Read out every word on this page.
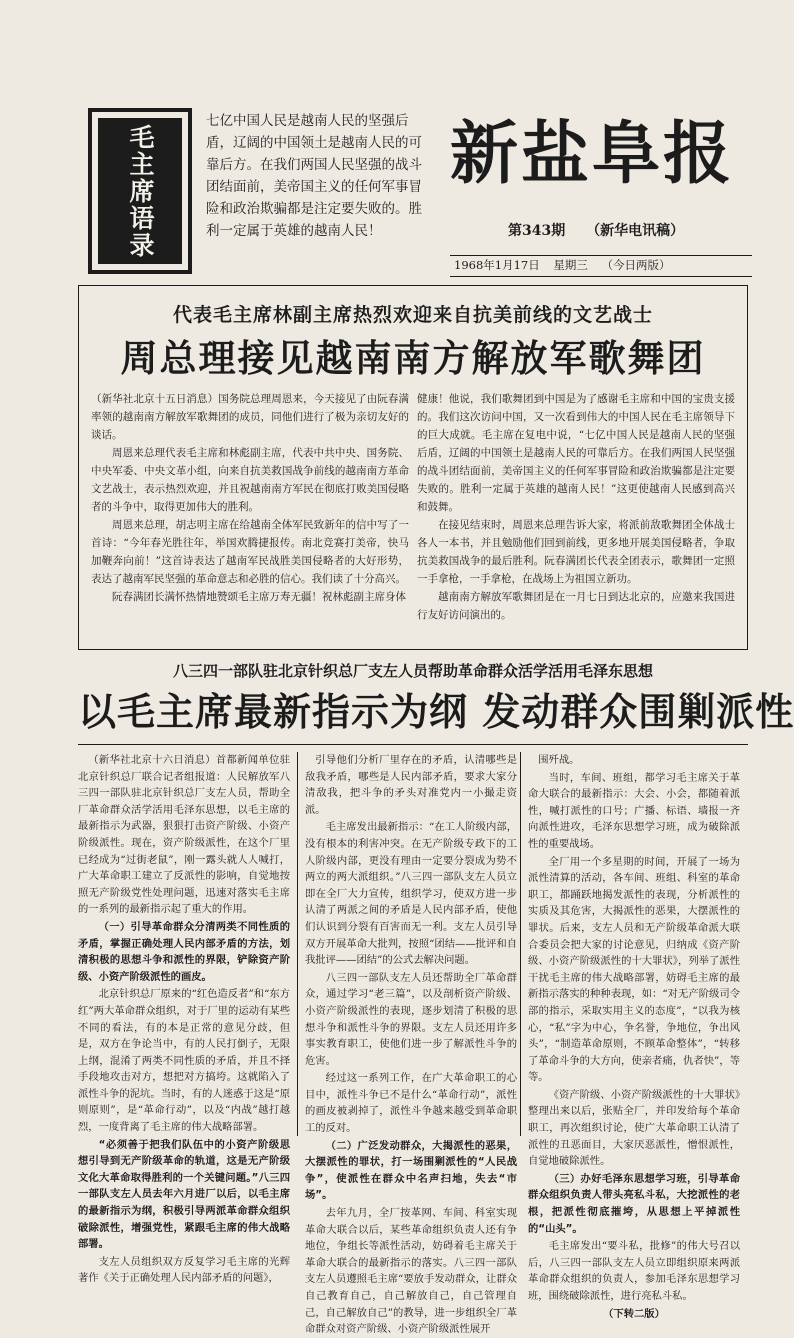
毛主席语录
七亿中国人民是越南人民的坚强后盾，辽阔的中国领土是越南人民的可靠后方。在我们两国人民坚强的战斗团结面前，美帝国主义的任何军事冒险和政治欺骗都是注定要失败的。胜利一定属于英雄的越南人民！
新盐阜报
第343期 （新华电讯稿）
1968年1月17日 星期三 （今日两版）
代表毛主席林副主席热烈欢迎来自抗美前线的文艺战士
周总理接见越南南方解放军歌舞团

（新华社北京十五日消息）国务院总理周恩来，今天接见了由阮春满率领的越南南方解放军歌舞团的成员，同他们进行了极为亲切友好的谈话。

周恩来总理代表毛主席和林彪副主席，代表中共中央、国务院、中央军委、中央文革小组，向来自抗美救国战争前线的越南南方革命文艺战士，表示热烈欢迎，并且祝越南南方军民在彻底打败美国侵略者的斗争中，取得更加伟大的胜利。

周恩来总理，胡志明主席在给越南全体军民致新年的信中写了一首诗：“今年春光胜往年，举国欢腾捷报传。南北竞赛打美帝，快马加鞭奔向前！”这首诗表达了越南军民战胜美国侵略者的大好形势，表达了越南军民坚强的革命意志和必胜的信心。我们读了十分高兴。

阮春满团长满怀热情地赞颂毛主席万寿无疆！祝林彪副主席身体

健康！他说，我们歌舞团到中国是为了感谢毛主席和中国的宝贵支援的。我们这次访问中国，又一次看到伟大的中国人民在毛主席领导下的巨大成就。毛主席在复电中说，“七亿中国人民是越南人民的坚强后盾，辽阔的中国领土是越南人民的可靠后方。在我们两国人民坚强的战斗团结面前，美帝国主义的任何军事冒险和政治欺骗都是注定要失败的。胜利一定属于英雄的越南人民！”这更使越南人民感到高兴和鼓舞。

在接见结束时，周恩来总理告诉大家，将派前敌歌舞团全体战士各人一本书，并且勉励他们回到前线，更多地开展美国侵略者，争取抗美救国战争的最后胜利。阮春满团长代表全团表示，歌舞团一定照一手拿枪，一手拿枪，在战场上为祖国立新功。

越南南方解放军歌舞团是在一月七日到达北京的，应邀来我国进行友好访问演出的。

八三四一部队驻北京针织总厂支左人员帮助革命群众活学活用毛泽东思想
以毛主席最新指示为纲 发动群众围剿派性

（新华社北京十六日消息）首都新闻单位驻北京针织总厂联合记者组报道：人民解放军八三四一部队驻北京针织总厂支左人员，帮助全厂革命群众活学活用毛泽东思想，以毛主席的最新指示为武器，狠狠打击资产阶级、小资产阶级派性。现在，资产阶级派性，在这个厂里已经成为“过街老鼠”，刚一露头就人人喊打，广大革命职工建立了反派性的影响，自觉地按照无产阶级党性处理问题，迅速对落实毛主席的一系列的最新指示起了重大的作用。

（一）引导革命群众分清两类不同性质的矛盾，掌握正确处理人民内部矛盾的方法，划清积极的思想斗争和派性的界限，铲除资产阶级、小资产阶级派性的画皮。

北京针织总厂原来的“红色造反者”和“东方红”两大革命群众组织，对于厂里的运动有某些不同的看法，有的本是正常的意见分歧，但是，双方在争论当中，有的人民打倒子，无限上纲，混淆了两类不同性质的矛盾，并且不择手段地攻击对方，想把对方搞垮。这就陷入了派性斗争的泥坑。当时，有的人迷惑于这是“原则原则”，是“革命行动”，以及“内战”越打越烈，一度背离了毛主席的伟大战略部署。

“必须善于把我们队伍中的小资产阶级思想引导到无产阶级革命的轨道，这是无产阶级文化大革命取得胜利的一个关键问题。”八三四一部队支左人员去年六月进厂以后，以毛主席的最新指示为纲，积极引导两派革命群众组织破除派性，增强党性，紧跟毛主席的伟大战略部署。

支左人员组织双方反复学习毛主席的光辉著作《关于正确处理人民内部矛盾的问题》，

引导他们分析厂里存在的矛盾，认清哪些是敌我矛盾，哪些是人民内部矛盾，要求大家分清敌我，把斗争的矛头对准党内一小撮走资派。

毛主席发出最新指示：“在工人阶级内部，没有根本的利害冲突。在无产阶级专政下的工人阶级内部，更没有理由一定要分裂成为势不两立的两大派组织。”八三四一部队支左人员立即在全厂大力宣传，组织学习，使双方进一步认清了两派之间的矛盾是人民内部矛盾，使他们认识到分裂有百害而无一利。支左人员引导双方开展革命大批判，按照“团结——批评和自我批评——团结”的公式去解决问题。

八三四一部队支左人员还帮助全厂革命群众，通过学习“老三篇”，以及剖析资产阶级、小资产阶级派性的表现，逐步划清了积极的思想斗争和派性斗争的界限。支左人员还用许多事实教育职工，使他们进一步了解派性斗争的危害。

经过这一系列工作，在广大革命职工的心目中，派性斗争已不是什么“革命行动”，派性的画皮被剥掉了，派性斗争越来越受到革命职工的反对。

（二）广泛发动群众，大揭派性的恶果，大摆派性的罪状，打一场围剿派性的“人民战争”，使派性在群众中名声扫地，失去“市场”。

去年九月，全厂按革网、车间、科室实现革命大联合以后，某些革命组织负责人还有争地位，争组长等派性活动，妨碍着毛主席关于革命大联合的最新指示的落实。八三四一部队支左人员遵照毛主席“要放手发动群众，让群众自己教育自己，自己解放自己，自己管理自己，自己解放自己”的教导，进一步组织全厂革命群众对资产阶级、小资产阶级派性展开

围歼战。

当时，车间、班组，都学习毛主席关于革命大联合的最新指示：大会、小会，都随着派性，喊打派性的口号；广播、标语、墙报一齐向派性进攻，毛泽东思想学习班，成为破除派性的重要战场。

全厂用一个多星期的时间，开展了一场为派性清算的活动，各车间、班组、科室的革命职工，都踊跃地揭发派性的表现，分析派性的实质及其危害，大揭派性的恶果，大摆派性的罪状。后来，支左人员和无产阶级革命派大联合委员会把大家的讨论意见，归纳成《资产阶级、小资产阶级派性的十大罪状》，列举了派性干扰毛主席的伟大战略部署，妨碍毛主席的最新指示落实的种种表现，如：“对无产阶级司令部的指示，采取实用主义的态度”，“以我为核心，“私”字为中心，争名誉，争地位，争出风头”，“制造革命原则，不顾革命整体”，“转移了革命斗争的大方向，使亲者痛，仇者快”，等等。

《资产阶级、小资产阶级派性的十大罪状》整理出来以后，张贴全厂，并印发给每个革命职工，再次组织讨论，使广大革命职工认清了派性的丑恶面目，大家厌恶派性，憎恨派性，自觉地破除派性。

（三）办好毛泽东思想学习班，引导革命群众组织负责人带头亮私斗私，大挖派性的老根，把派性彻底摧垮，从思想上平掉派性的“山头”。

毛主席发出“要斗私，批修”的伟大号召以后，八三四一部队支左人员立即组织原来两派革命群众组织的负责人，参加毛泽东思想学习班，围绕破除派性，进行亮私斗私。

（下转二版）
